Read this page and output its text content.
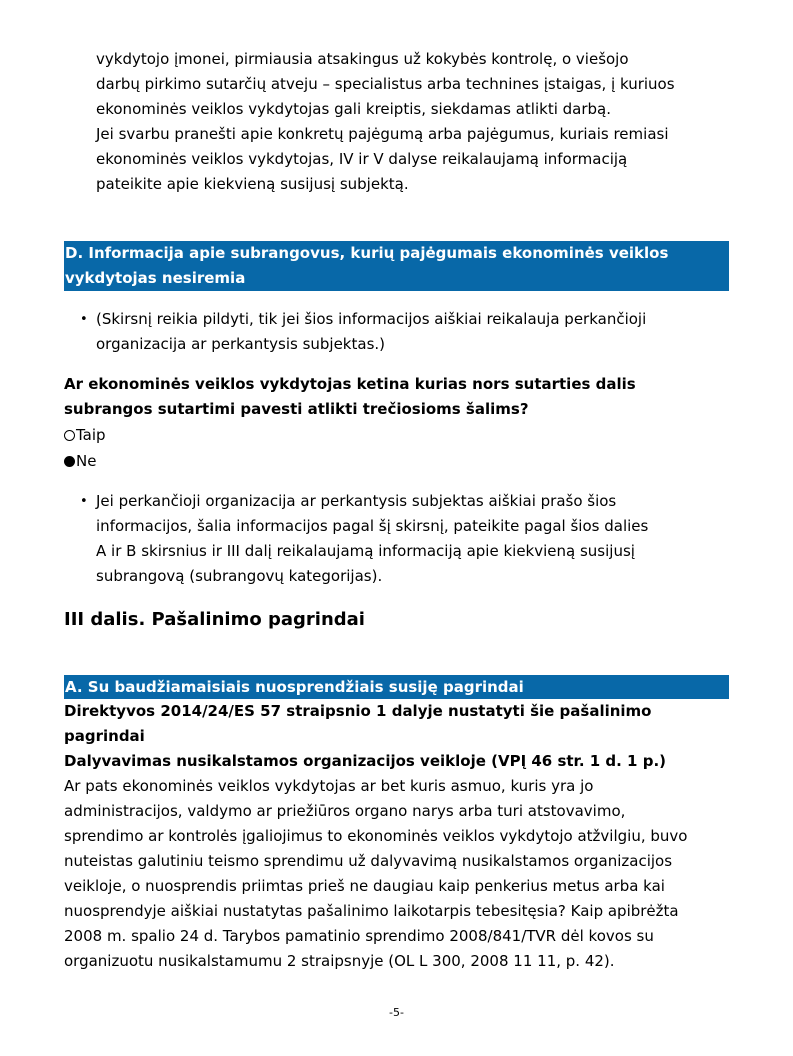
vykdytojo įmonei, pirmiausia atsakingus už kokybės kontrolę, o viešojo
darbų pirkimo sutarčių atveju – specialistus arba technines įstaigas, į kuriuos
ekonominės veiklos vykdytojas gali kreiptis, siekdamas atlikti darbą.
Jei svarbu pranešti apie konkretų pajėgumą arba pajėgumus, kuriais remiasi
ekonominės veiklos vykdytojas, IV ir V dalyse reikalaujamą informaciją
pateikite apie kiekvieną susijusį subjektą.
D. Informacija apie subrangovus, kurių pajėgumais ekonominės veiklos
vykdytojas nesiremia
• (Skirsnį reikia pildyti, tik jei šios informacijos aiškiai reikalauja perkančioji
organizacija ar perkantysis subjektas.)
Ar ekonominės veiklos vykdytojas ketina kurias nors sutarties dalis
subrangos sutartimi pavesti atlikti trečiosioms šalims?
Taip
Ne
• Jei perkančioji organizacija ar perkantysis subjektas aiškiai prašo šios
informacijos, šalia informacijos pagal šį skirsnį, pateikite pagal šios dalies
A ir B skirsnius ir III dalį reikalaujamą informaciją apie kiekvieną susijusį
subrangovą (subrangovų kategorijas).
III dalis. Pašalinimo pagrindai
A. Su baudžiamaisiais nuosprendžiais susiję pagrindai
Direktyvos 2014/24/ES 57 straipsnio 1 dalyje nustatyti šie pašalinimo
pagrindai
Dalyvavimas nusikalstamos organizacijos veikloje (VPĮ 46 str. 1 d. 1 p.)
Ar pats ekonominės veiklos vykdytojas ar bet kuris asmuo, kuris yra jo
administracijos, valdymo ar priežiūros organo narys arba turi atstovavimo,
sprendimo ar kontrolės įgaliojimus to ekonominės veiklos vykdytojo atžvilgiu, buvo
nuteistas galutiniu teismo sprendimu už dalyvavimą nusikalstamos organizacijos
veikloje, o nuosprendis priimtas prieš ne daugiau kaip penkerius metus arba kai
nuosprendyje aiškiai nustatytas pašalinimo laikotarpis tebesitęsia? Kaip apibrėžta
2008 m. spalio 24 d. Tarybos pamatinio sprendimo 2008/841/TVR dėl kovos su
organizuotu nusikalstamumu 2 straipsnyje (OL L 300, 2008 11 11, p. 42).
-5-
